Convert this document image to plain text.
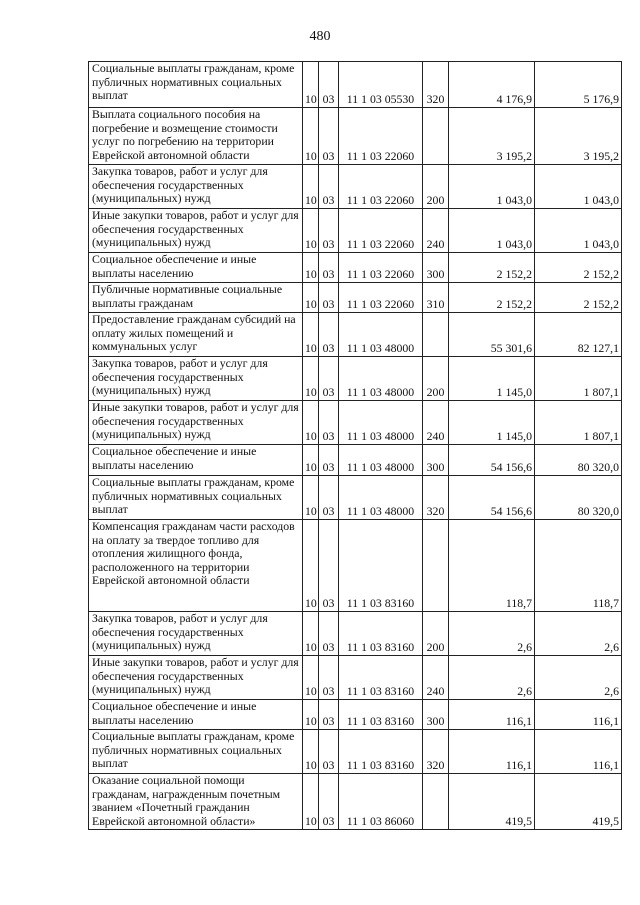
480
Социальные выплаты гражданам, кроме публичных нормативных социальных выплат	10	03	11 1 03 05530	320	4 176,9	5 176,9
Выплата социального пособия на погребение и возмещение стоимости услуг по погребению на территории Еврейской автономной области	10	03	11 1 03 22060		3 195,2	3 195,2
Закупка товаров, работ и услуг для обеспечения государственных (муниципальных) нужд	10	03	11 1 03 22060	200	1 043,0	1 043,0
Иные закупки товаров, работ и услуг для обеспечения государственных (муниципальных) нужд	10	03	11 1 03 22060	240	1 043,0	1 043,0
Социальное обеспечение и иные выплаты населению	10	03	11 1 03 22060	300	2 152,2	2 152,2
Публичные нормативные социальные выплаты гражданам	10	03	11 1 03 22060	310	2 152,2	2 152,2
Предоставление гражданам субсидий на оплату жилых помещений и коммунальных услуг	10	03	11 1 03 48000		55 301,6	82 127,1
Закупка товаров, работ и услуг для обеспечения государственных (муниципальных) нужд	10	03	11 1 03 48000	200	1 145,0	1 807,1
Иные закупки товаров, работ и услуг для обеспечения государственных (муниципальных) нужд	10	03	11 1 03 48000	240	1 145,0	1 807,1
Социальное обеспечение и иные выплаты населению	10	03	11 1 03 48000	300	54 156,6	80 320,0
Социальные выплаты гражданам, кроме публичных нормативных социальных выплат	10	03	11 1 03 48000	320	54 156,6	80 320,0
Компенсация гражданам части расходов на оплату за твердое топливо для отопления жилищного фонда, расположенного на территории Еврейской автономной области	10	03	11 1 03 83160		118,7	118,7
Закупка товаров, работ и услуг для обеспечения государственных (муниципальных) нужд	10	03	11 1 03 83160	200	2,6	2,6
Иные закупки товаров, работ и услуг для обеспечения государственных (муниципальных) нужд	10	03	11 1 03 83160	240	2,6	2,6
Социальное обеспечение и иные выплаты населению	10	03	11 1 03 83160	300	116,1	116,1
Социальные выплаты гражданам, кроме публичных нормативных социальных выплат	10	03	11 1 03 83160	320	116,1	116,1
Оказание социальной помощи гражданам, награжденным почетным званием «Почетный гражданин Еврейской автономной области»	10	03	11 1 03 86060		419,5	419,5
